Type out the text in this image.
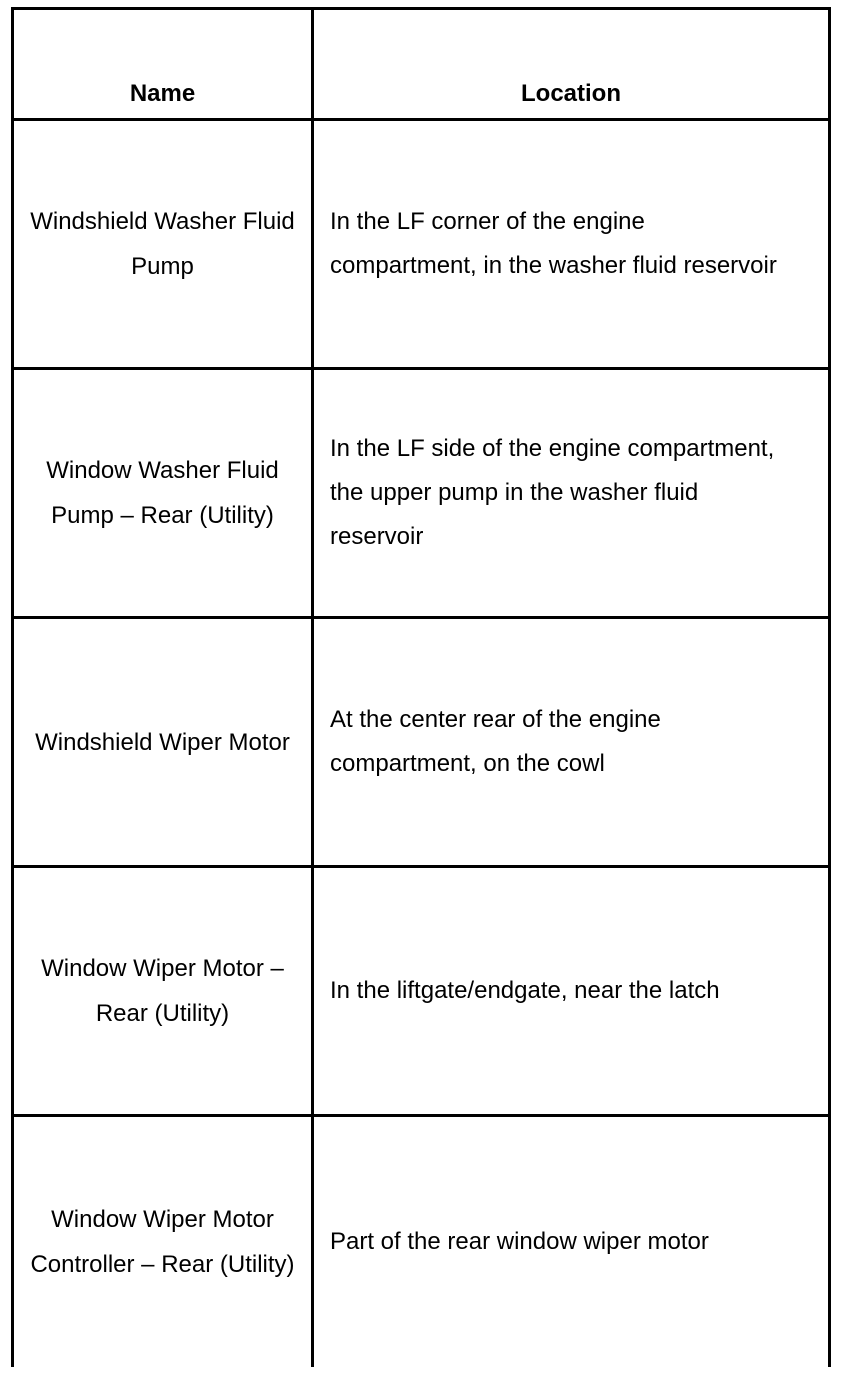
Name	Location
Windshield Washer Fluid Pump	In the LF corner of the engine compartment, in the washer fluid reservoir
Window Washer Fluid Pump – Rear (Utility)	In the LF side of the engine compartment, the upper pump in the washer fluid reservoir
Windshield Wiper Motor	At the center rear of the engine compartment, on the cowl
Window Wiper Motor – Rear (Utility)	In the liftgate/endgate, near the latch
Window Wiper Motor Controller – Rear (Utility)	Part of the rear window wiper motor
